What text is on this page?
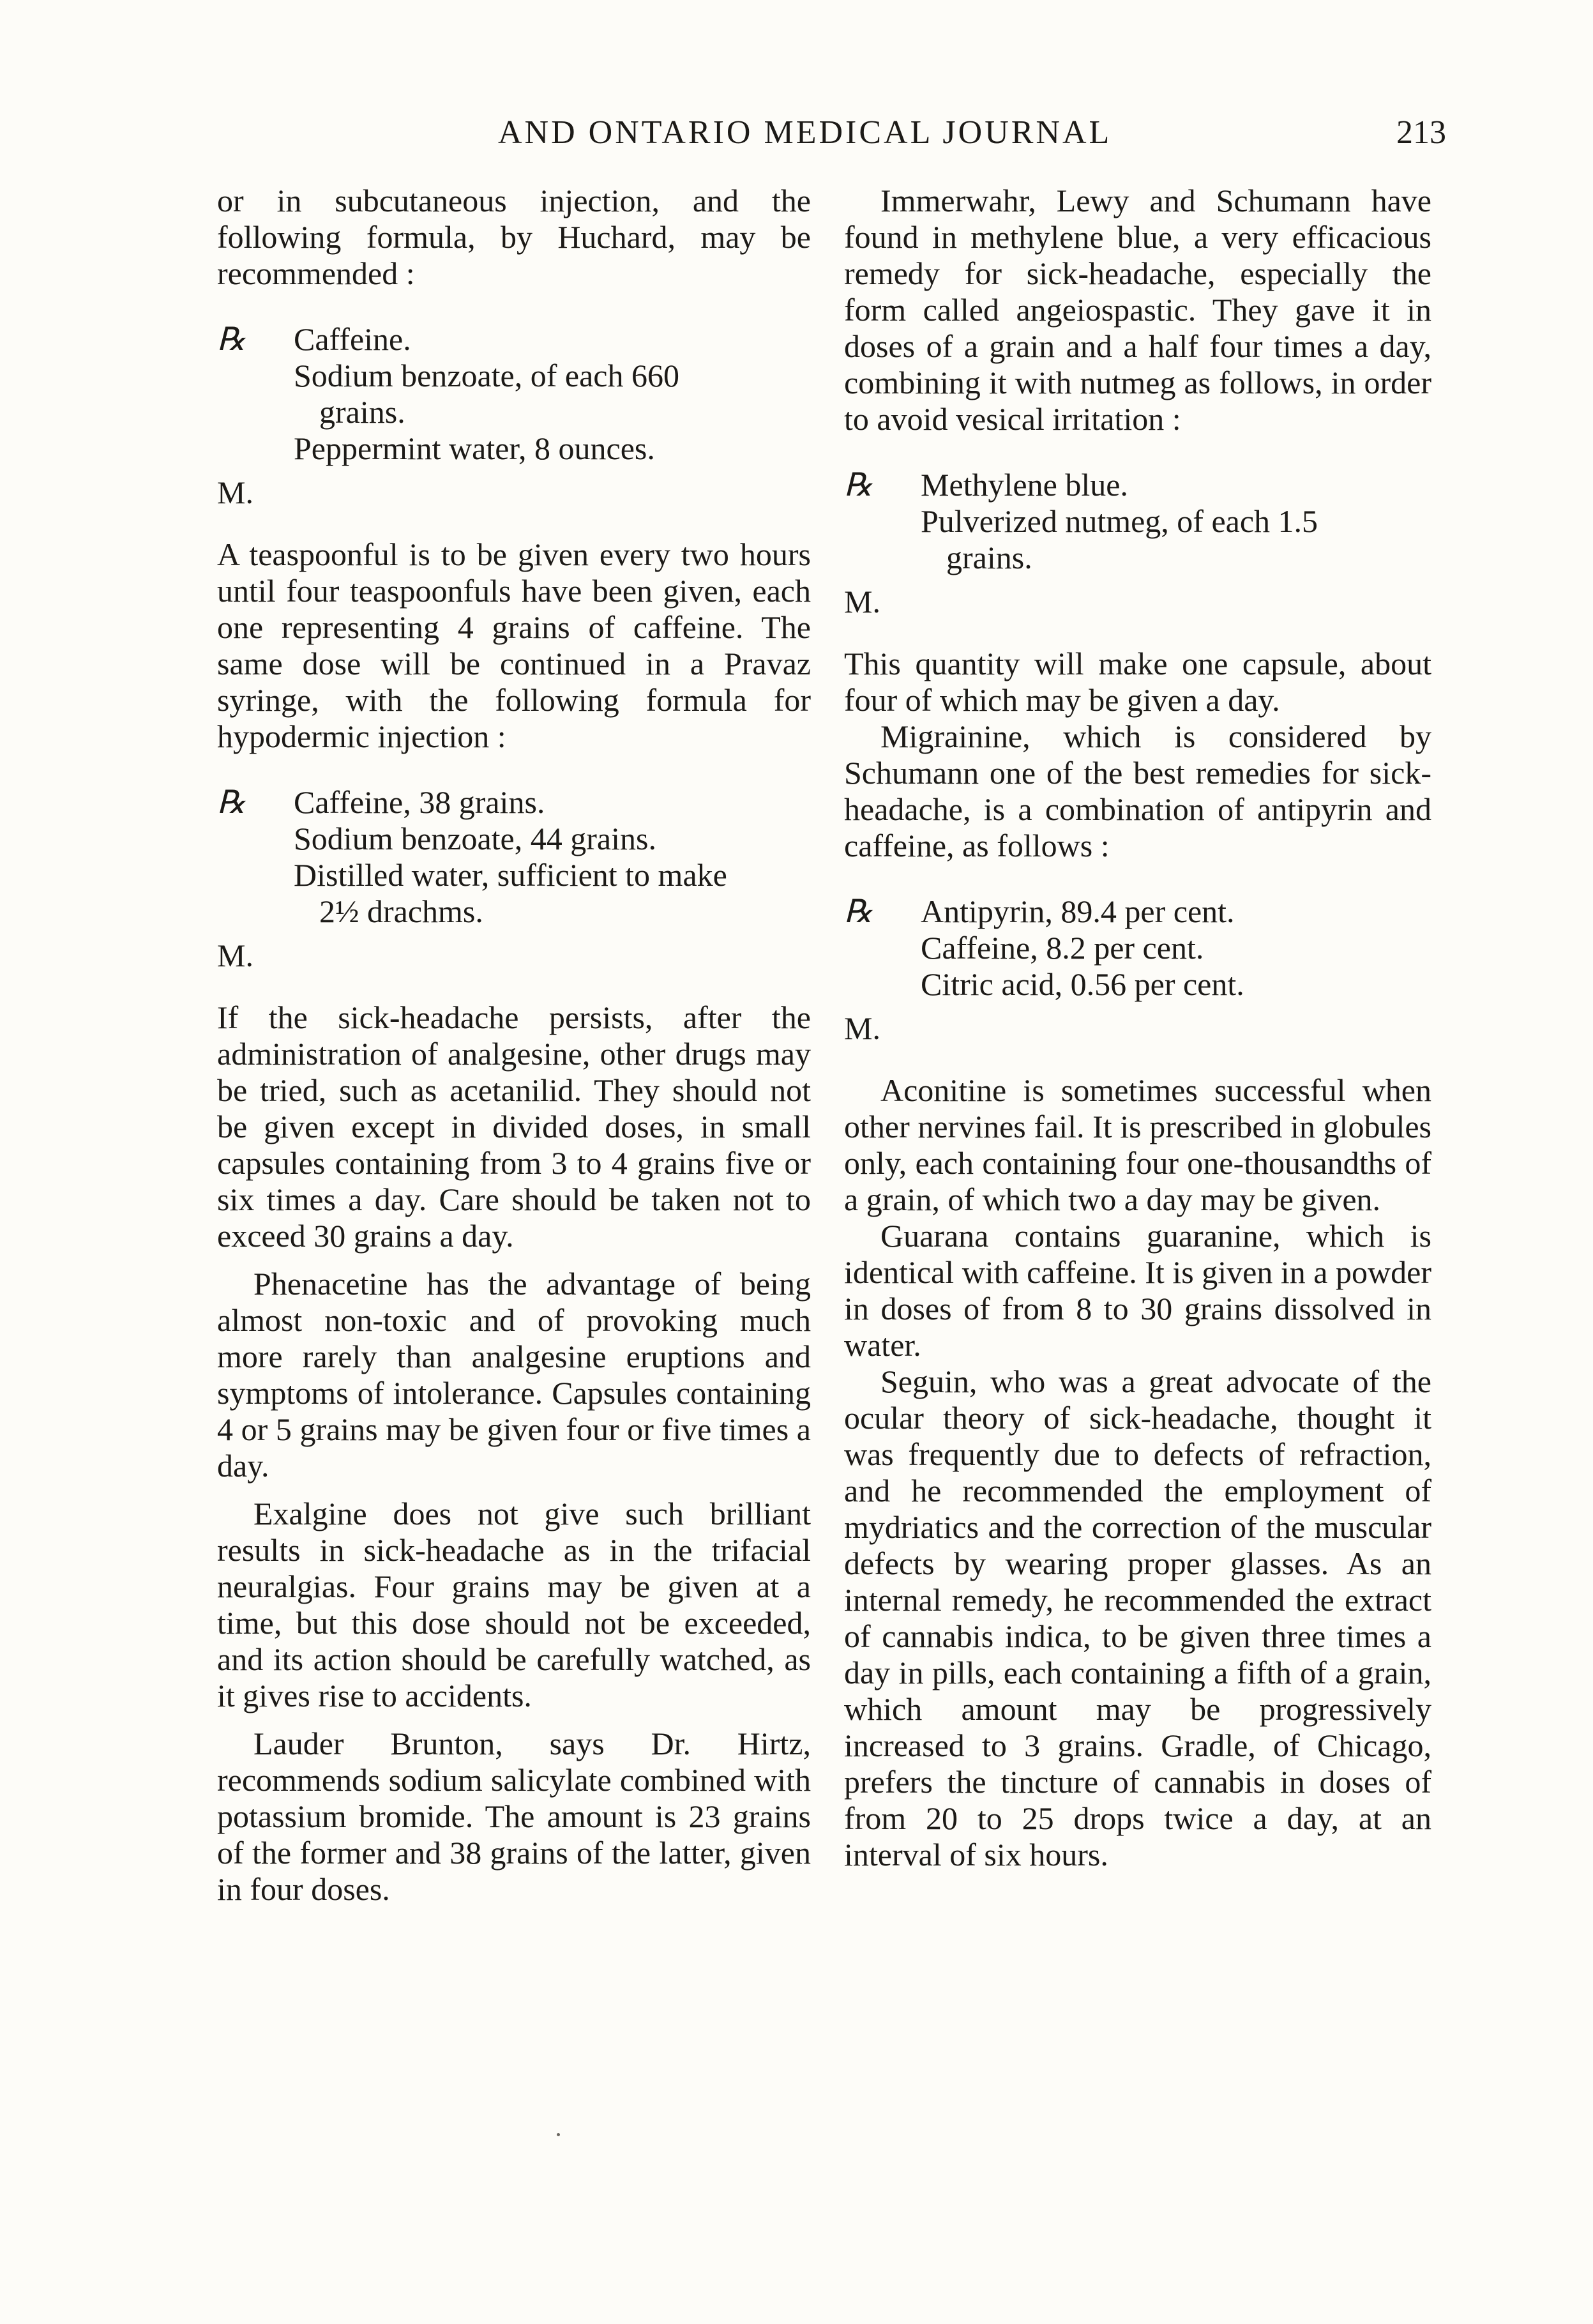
AND ONTARIO MEDICAL JOURNAL	213

or in subcutaneous injection, and the following formula, by Huchard, may be recommended :

℞ Caffeine.
Sodium benzoate, of each 660
grains.
Peppermint water, 8 ounces.

M.

A teaspoonful is to be given every two hours until four teaspoonfuls have been given, each one representing 4 grains of caffeine. The same dose will be continued in a Pravaz syringe, with the following formula for hypodermic injection :

℞ Caffeine, 38 grains.
Sodium benzoate, 44 grains.
Distilled water, sufficient to make
2½ drachms.

M.

If the sick-headache persists, after the administration of analgesine, other drugs may be tried, such as acetanilid. They should not be given except in divided doses, in small capsules containing from 3 to 4 grains five or six times a day. Care should be taken not to exceed 30 grains a day.

Phenacetine has the advantage of being almost non-toxic and of provoking much more rarely than analgesine eruptions and symptoms of intolerance. Capsules containing 4 or 5 grains may be given four or five times a day.

Exalgine does not give such brilliant results in sick-headache as in the trifacial neuralgias. Four grains may be given at a time, but this dose should not be exceeded, and its action should be carefully watched, as it gives rise to accidents.

Lauder Brunton, says Dr. Hirtz, recommends sodium salicylate combined with potassium bromide. The amount is 23 grains of the former and 38 grains of the latter, given in four doses.

Immerwahr, Lewy and Schumann have found in methylene blue, a very efficacious remedy for sick-headache, especially the form called angeiospastic. They gave it in doses of a grain and a half four times a day, combining it with nutmeg as follows, in order to avoid vesical irritation :

℞ Methylene blue.
Pulverized nutmeg, of each 1.5
grains.

M.

This quantity will make one capsule, about four of which may be given a day.

Migrainine, which is considered by Schumann one of the best remedies for sick-headache, is a combination of antipyrin and caffeine, as follows :

℞ Antipyrin, 89.4 per cent.
Caffeine, 8.2 per cent.
Citric acid, 0.56 per cent.

M.

Aconitine is sometimes successful when other nervines fail. It is prescribed in globules only, each containing four one-thousandths of a grain, of which two a day may be given.

Guarana contains guaranine, which is identical with caffeine. It is given in a powder in doses of from 8 to 30 grains dissolved in water.

Seguin, who was a great advocate of the ocular theory of sick-headache, thought it was frequently due to defects of refraction, and he recommended the employment of mydriatics and the correction of the muscular defects by wearing proper glasses. As an internal remedy, he recommended the extract of cannabis indica, to be given three times a day in pills, each containing a fifth of a grain, which amount may be progressively increased to 3 grains. Gradle, of Chicago, prefers the tincture of cannabis in doses of from 20 to 25 drops twice a day, at an interval of six hours.
